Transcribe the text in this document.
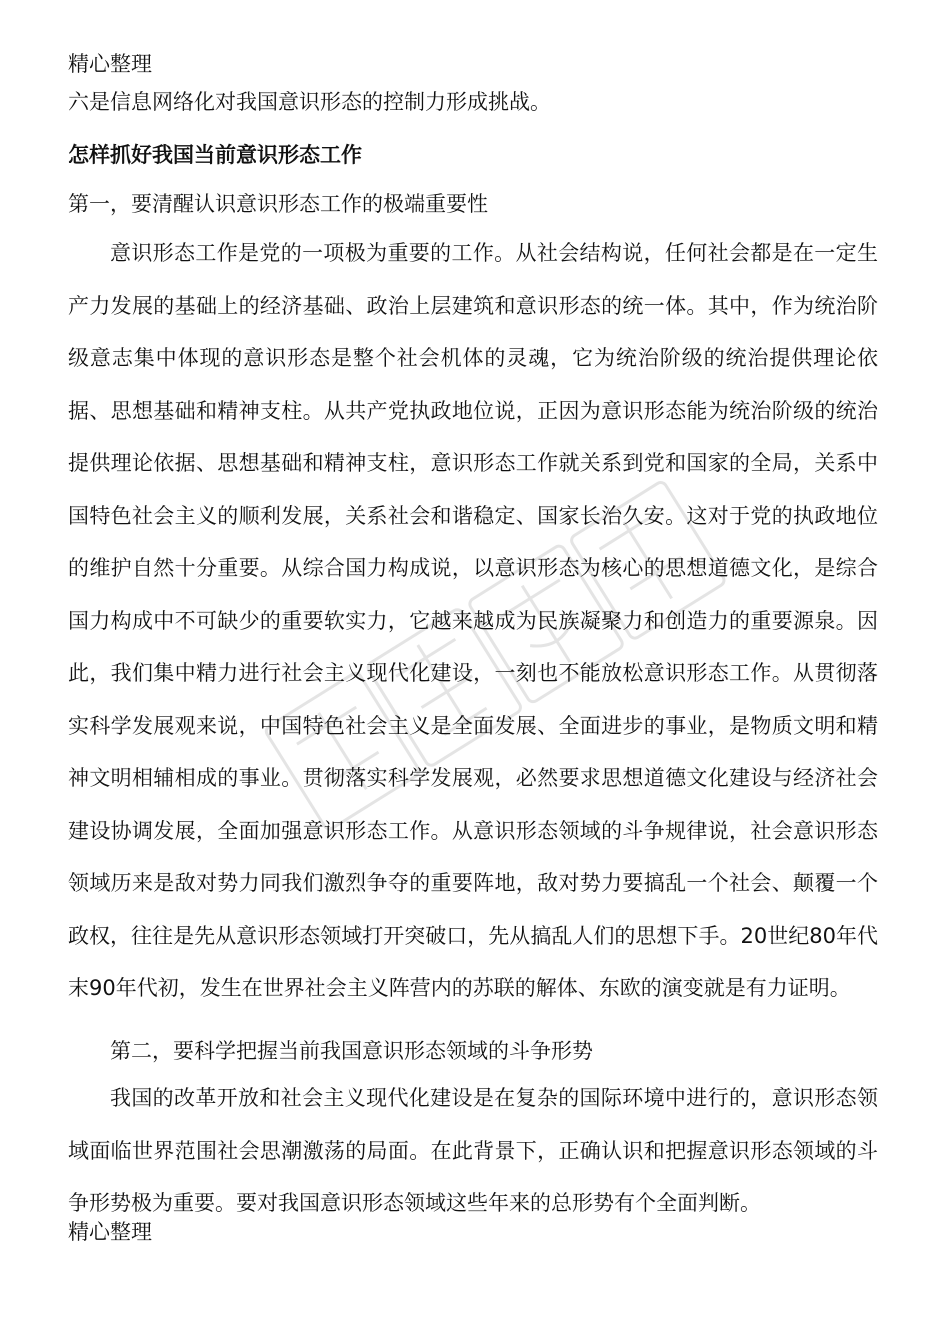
精心整理
六是信息网络化对我国意识形态的控制力形成挑战。
怎样抓好我国当前意识形态工作
第一，要清醒认识意识形态工作的极端重要性
意识形态工作是党的一项极为重要的工作。从社会结构说，任何社会都是在一定生产力发展的基础上的经济基础、政治上层建筑和意识形态的统一体。其中，作为统治阶级意志集中体现的意识形态是整个社会机体的灵魂，它为统治阶级的统治提供理论依据、思想基础和精神支柱。从共产党执政地位说，正因为意识形态能为统治阶级的统治提供理论依据、思想基础和精神支柱，意识形态工作就关系到党和国家的全局，关系中国特色社会主义的顺利发展，关系社会和谐稳定、国家长治久安。这对于党的执政地位的维护自然十分重要。从综合国力构成说，以意识形态为核心的思想道德文化，是综合国力构成中不可缺少的重要软实力，它越来越成为民族凝聚力和创造力的重要源泉。因此，我们集中精力进行社会主义现代化建设，一刻也不能放松意识形态工作。从贯彻落实科学发展观来说，中国特色社会主义是全面发展、全面进步的事业，是物质文明和精神文明相辅相成的事业。贯彻落实科学发展观，必然要求思想道德文化建设与经济社会建设协调发展，全面加强意识形态工作。从意识形态领域的斗争规律说，社会意识形态领域历来是敌对势力同我们激烈争夺的重要阵地，敌对势力要搞乱一个社会、颠覆一个政权，往往是先从意识形态领域打开突破口，先从搞乱人们的思想下手。20世纪80年代末90年代初，发生在世界社会主义阵营内的苏联的解体、东欧的演变就是有力证明。
第二，要科学把握当前我国意识形态领域的斗争形势
我国的改革开放和社会主义现代化建设是在复杂的国际环境中进行的，意识形态领域面临世界范围社会思潮激荡的局面。在此背景下，正确认识和把握意识形态领域的斗争形势极为重要。要对我国意识形态领域这些年来的总形势有个全面判断。
精心整理
